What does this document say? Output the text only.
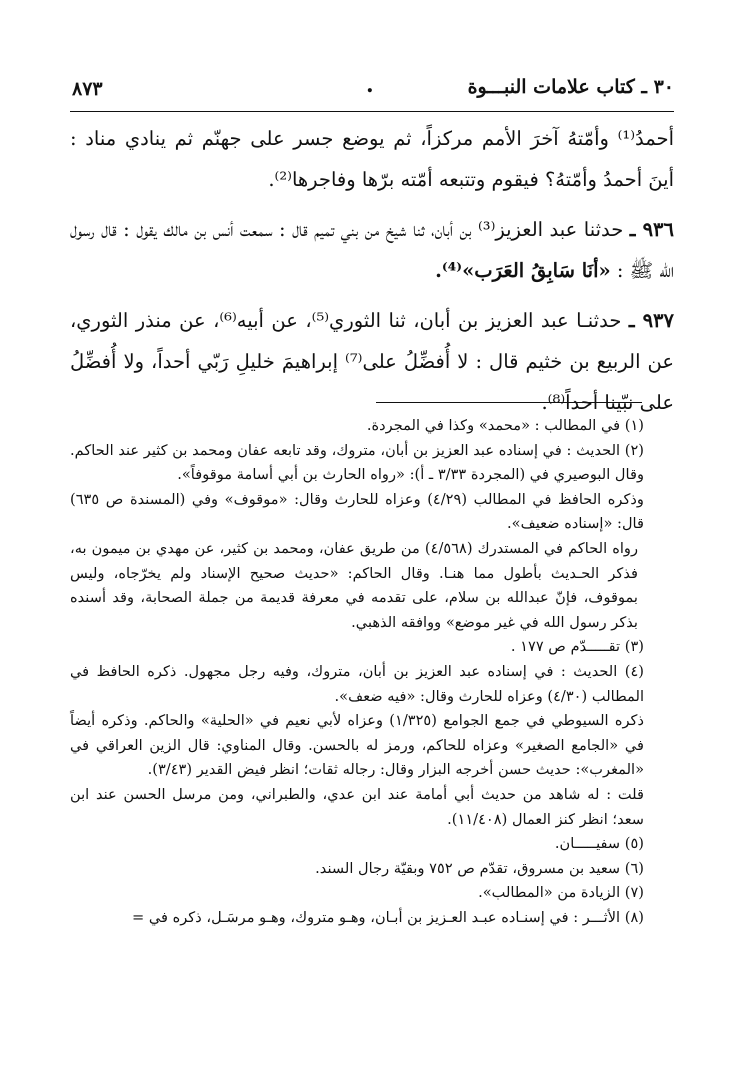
٣٠ ـ كتاب علامات النبـــوة
.
٨٧٣

أحمدُ⁽¹⁾ وأمّتهُ آخرَ الأمم مركزاً، ثم يوضع جسر على جهنّم ثم ينادي مناد : أينَ أحمدُ وأمّتهُ؟ فيقوم وتتبعه أمّته برّها وفاجرها⁽²⁾.

٩٣٦ ـ حدثنا عبد العزيز⁽³⁾ بن أبان، ثنا شيخ من بني تميم قال : سمعت أنس بن مالك يقول : قال رسول الله ﷺ : «أنَا سَابِقُ العَرَب»⁽⁴⁾.

٩٣٧ ـ حدثنـا عبد العزيز بن أبان، ثنا الثوري⁽⁵⁾، عن أبيه⁽⁶⁾، عن منذر الثوري، عن الربيع بن خثيم قال : لا أُفضِّلُ على⁽⁷⁾ إبراهيمَ خليلِ رَبّي أحداً، ولا أُفضِّلُ على نبّينا أحداً⁽⁸⁾.

(١) في المطالب : «محمد» وكذا في المجردة.

(٢) الحديث : في إسناده عبد العزيز بن أبان، متروك، وقد تابعه عفان ومحمد بن كثير عند الحاكم. وقال البوصيري في (المجردة ٣/٣٣ ـ أ): «رواه الحارث بن أبي أسامة موقوفاً».

وذكره الحافظ في المطالب (٤/٢٩) وعزاه للحارث وقال: «موقوف» وفي (المسندة ص ٦٣٥) قال: «إسناده ضعيف».

رواه الحاكم في المستدرك (٤/٥٦٨) من طريق عفان، ومحمد بن كثير، عن مهدي بن ميمون به، فذكر الحـديث بأطول مما هنـا. وقال الحاكم: «حديث صحيح الإسناد ولم يخرّجاه، وليس بموقوف، فإنّ عبدالله بن سلام، على تقدمه في معرفة قديمة من جملة الصحابة، وقد أسنده بذكر رسول الله في غير موضع» ووافقه الذهبي.

(٣) تقـــــدّم ص ١٧٧ .

(٤) الحديث : في إسناده عبد العزيز بن أبان، متروك، وفيه رجل مجهول. ذكره الحافظ في المطالب (٤/٣٠) وعزاه للحارث وقال: «فيه ضعف».

ذكره السيوطي في جمع الجوامع (١/٣٢٥) وعزاه لأبي نعيم في «الحلية» والحاكم. وذكره أيضاً في «الجامع الصغير» وعزاه للحاكم، ورمز له بالحسن. وقال المناوي: قال الزين العراقي في «المغرب»: حديث حسن أخرجه البزار وقال: رجاله ثقات؛ انظر فيض القدير (٣/٤٣).

قلت : له شاهد من حديث أبي أمامة عند ابن عدي، والطبراني، ومن مرسل الحسن عند ابن سعد؛ انظر كنز العمال (١١/٤٠٨).

(٥) سفيـــــان.

(٦) سعيد بن مسروق، تقدّم ص ٧٥٢ وبقيّة رجال السند.

(٧) الزيادة من «المطالب».

(٨) الأثـــر : في إسنـاده عبـد العـزيز بن أبـان، وهـو متروك، وهـو مرسَـل، ذكره في =
